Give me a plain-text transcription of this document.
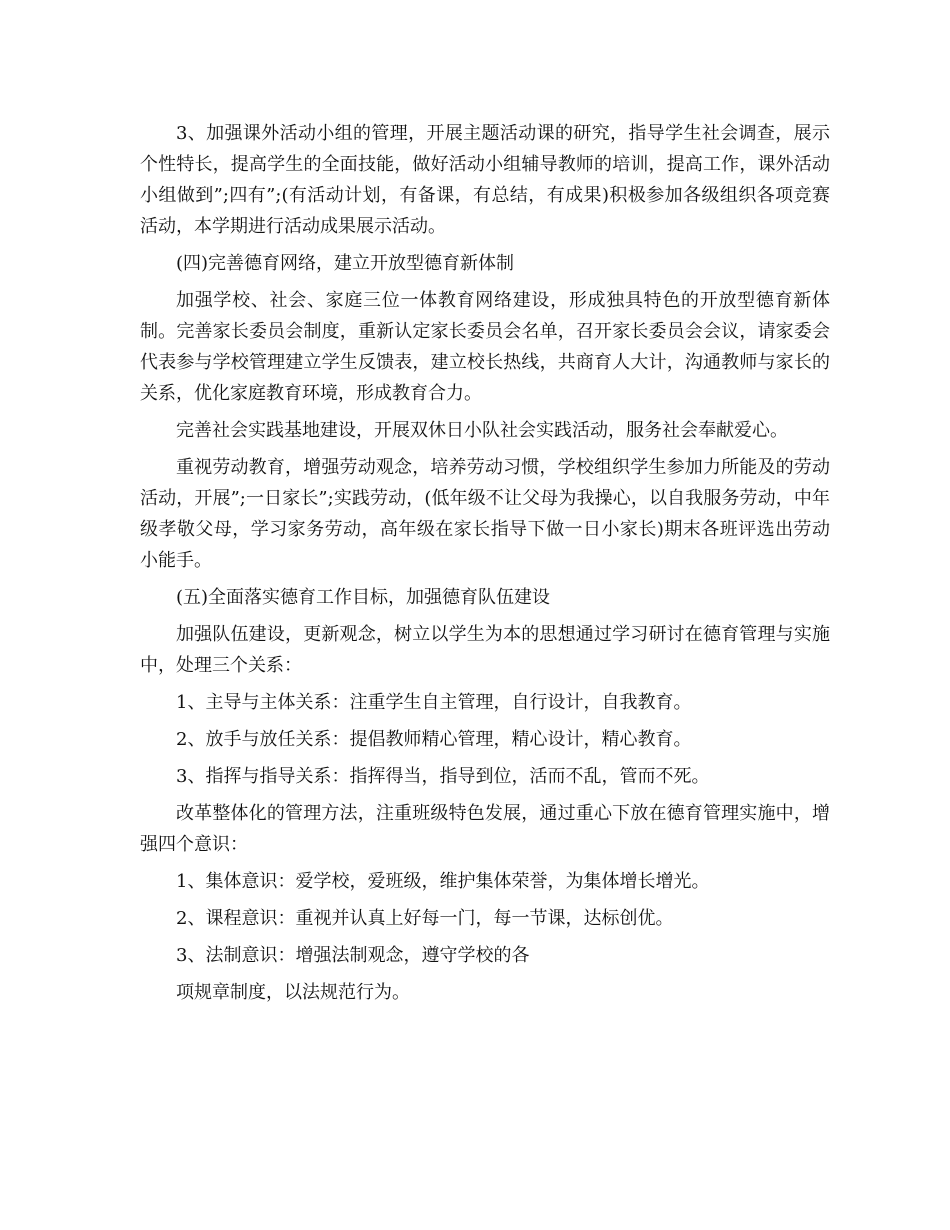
3、加强课外活动小组的管理，开展主题活动课的研究，指导学生社会调查，展示个性特长，提高学生的全面技能，做好活动小组辅导教师的培训，提高工作，课外活动小组做到”;四有”;(有活动计划，有备课，有总结，有成果)积极参加各级组织各项竞赛活动，本学期进行活动成果展示活动。

(四)完善德育网络，建立开放型德育新体制

加强学校、社会、家庭三位一体教育网络建设，形成独具特色的开放型德育新体制。完善家长委员会制度，重新认定家长委员会名单，召开家长委员会会议，请家委会代表参与学校管理建立学生反馈表，建立校长热线，共商育人大计，沟通教师与家长的关系，优化家庭教育环境，形成教育合力。

完善社会实践基地建设，开展双休日小队社会实践活动，服务社会奉献爱心。

重视劳动教育，增强劳动观念，培养劳动习惯，学校组织学生参加力所能及的劳动活动，开展”;一日家长”;实践劳动，(低年级不让父母为我操心，以自我服务劳动，中年级孝敬父母，学习家务劳动，高年级在家长指导下做一日小家长)期末各班评选出劳动小能手。

(五)全面落实德育工作目标，加强德育队伍建设

加强队伍建设，更新观念，树立以学生为本的思想通过学习研讨在德育管理与实施中，处理三个关系：

1、主导与主体关系：注重学生自主管理，自行设计，自我教育。

2、放手与放任关系：提倡教师精心管理，精心设计，精心教育。

3、指挥与指导关系：指挥得当，指导到位，活而不乱，管而不死。

改革整体化的管理方法，注重班级特色发展，通过重心下放在德育管理实施中，增强四个意识：

1、集体意识：爱学校，爱班级，维护集体荣誉，为集体增长增光。

2、课程意识：重视并认真上好每一门，每一节课，达标创优。

3、法制意识：增强法制观念，遵守学校的各

项规章制度，以法规范行为。
